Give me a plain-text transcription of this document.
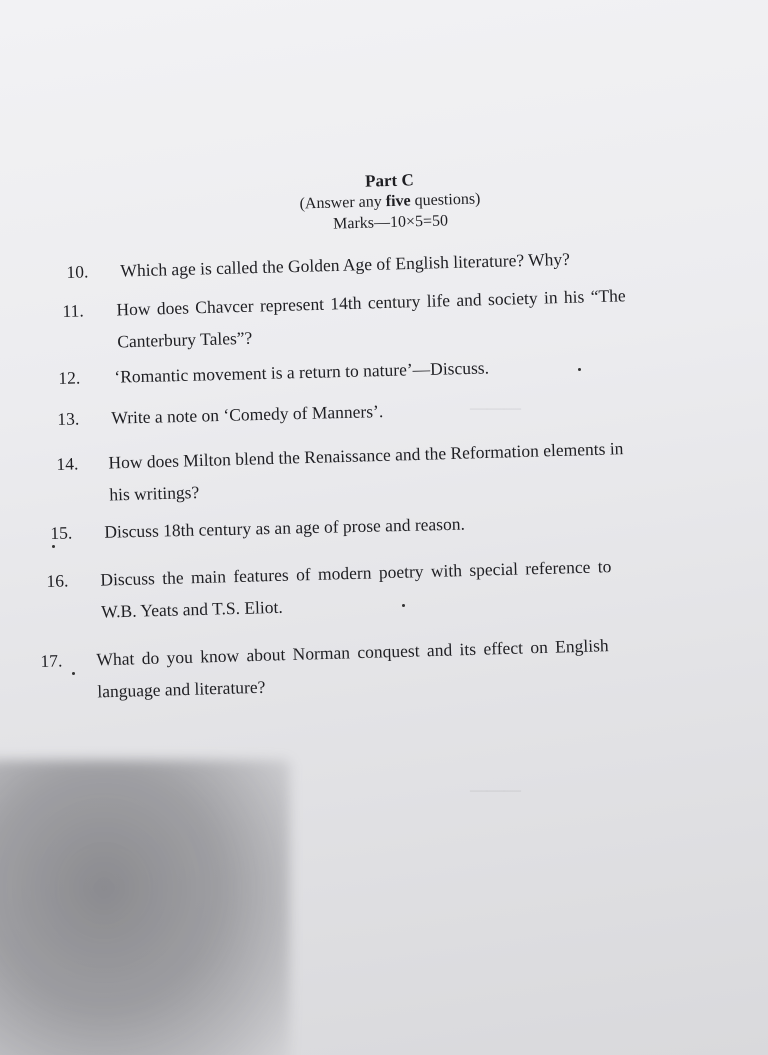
———
———
Part C
(Answer any five questions)
Marks—10×5=50
10. Which age is called the Golden Age of English literature? Why?
11. How does Chavcer represent 14th century life and society in his “The
Canterbury Tales”?
12. ‘Romantic movement is a return to nature’—Discuss.
13. Write a note on ‘Comedy of Manners’.
14. How does Milton blend the Renaissance and the Reformation elements in
his writings?
15. Discuss 18th century as an age of prose and reason.
16. Discuss the main features of modern poetry with special reference to
W.B. Yeats and T.S. Eliot.
17. What do you know about Norman conquest and its effect on English
language and literature?
